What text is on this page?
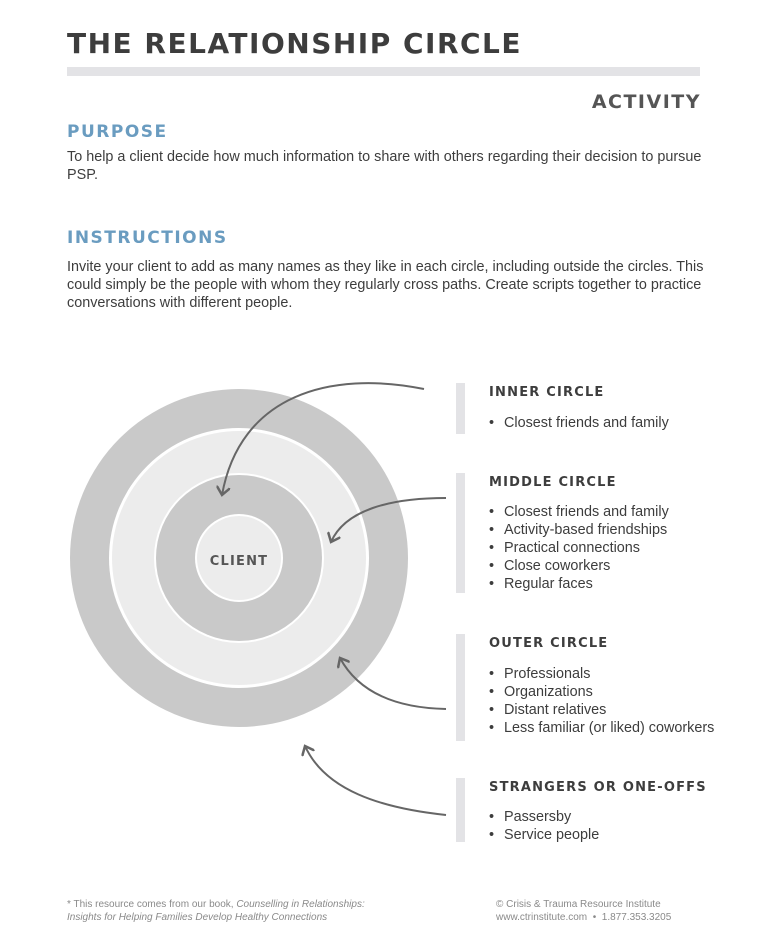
THE RELATIONSHIP CIRCLE
ACTIVITY
PURPOSE

To help a client decide how much information to share with others regarding their decision to pursue PSP.

INSTRUCTIONS

Invite your client to add as many names as they like in each circle, including outside the circles. This could simply be the people with whom they regularly cross paths. Create scripts together to practice conversations with different people.

CLIENT
INNER CIRCLE
• Closest friends and family
MIDDLE CIRCLE
• Closest friends and family
• Activity-based friendships
• Practical connections
• Close coworkers
• Regular faces
OUTER CIRCLE
• Professionals
• Organizations
• Distant relatives
• Less familiar (or liked) coworkers
STRANGERS OR ONE-OFFS
• Passersby
• Service people
* This resource comes from our book, Counselling in Relationships:
Insights for Helping Families Develop Healthy Connections
© Crisis & Trauma Resource Institute
www.ctrinstitute.com • 1.877.353.3205
